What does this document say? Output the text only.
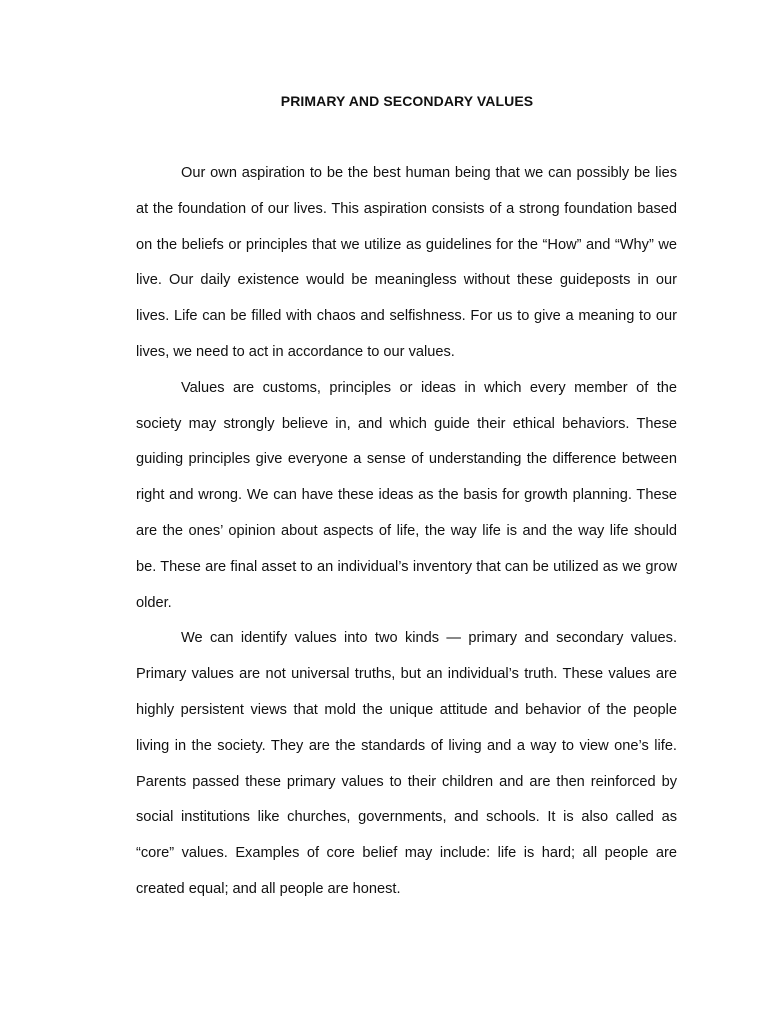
PRIMARY AND SECONDARY VALUES

Our own aspiration to be the best human being that we can possibly be lies at the foundation of our lives. This aspiration consists of a strong foundation based on the beliefs or principles that we utilize as guidelines for the “How” and “Why” we live. Our daily existence would be meaningless without these guideposts in our lives. Life can be filled with chaos and selfishness. For us to give a meaning to our lives, we need to act in accordance to our values.

Values are customs, principles or ideas in which every member of the society may strongly believe in, and which guide their ethical behaviors. These guiding principles give everyone a sense of understanding the difference between right and wrong. We can have these ideas as the basis for growth planning. These are the ones’ opinion about aspects of life, the way life is and the way life should be. These are final asset to an individual’s inventory that can be utilized as we grow older.

We can identify values into two kinds — primary and secondary values. Primary values are not universal truths, but an individual’s truth. These values are highly persistent views that mold the unique attitude and behavior of the people living in the society. They are the standards of living and a way to view one’s life. Parents passed these primary values to their children and are then reinforced by social institutions like churches, governments, and schools. It is also called as “core” values. Examples of core belief may include: life is hard; all people are created equal; and all people are honest.
